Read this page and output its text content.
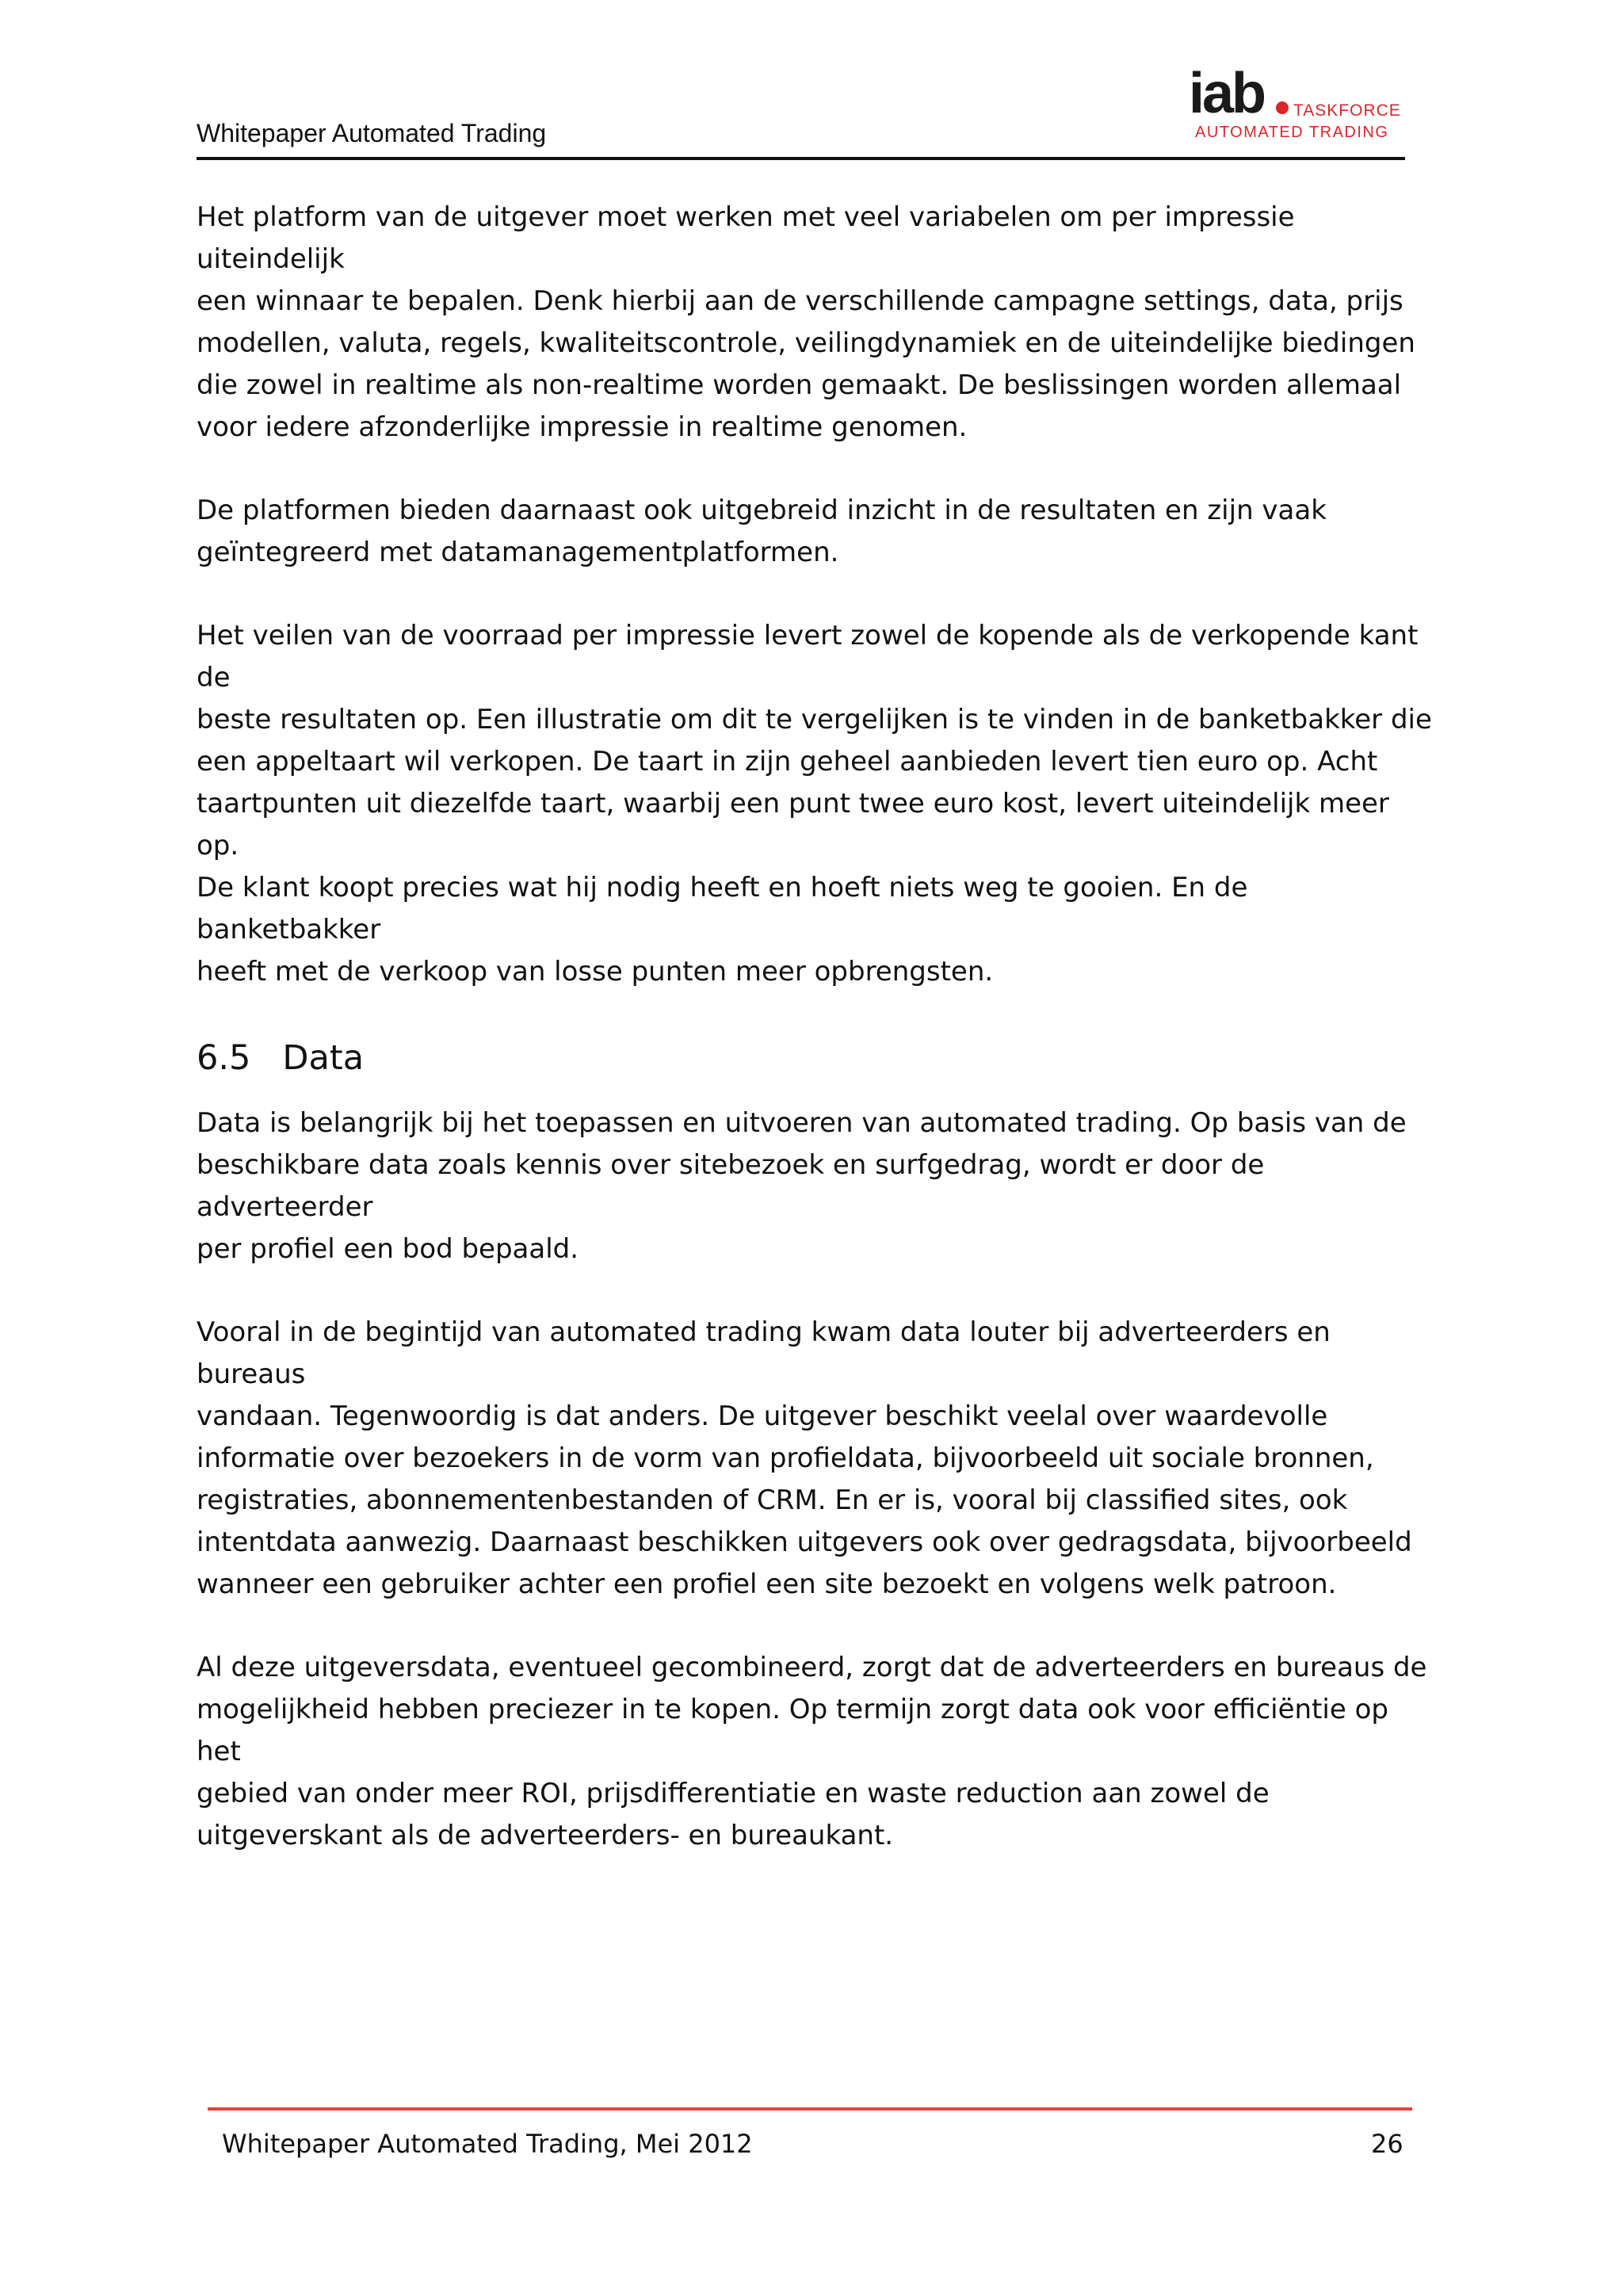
Whitepaper Automated Trading
iab TASKFORCE
AUTOMATED TRADING

Het platform van de uitgever moet werken met veel variabelen om per impressie uiteindelijk
een winnaar te bepalen. Denk hierbij aan de verschillende campagne settings, data, prijs
modellen, valuta, regels, kwaliteitscontrole, veilingdynamiek en de uiteindelijke biedingen
die zowel in realtime als non-realtime worden gemaakt. De beslissingen worden allemaal
voor iedere afzonderlijke impressie in realtime genomen.

De platformen bieden daarnaast ook uitgebreid inzicht in de resultaten en zijn vaak
geïntegreerd met datamanagementplatformen.

Het veilen van de voorraad per impressie levert zowel de kopende als de verkopende kant de
beste resultaten op. Een illustratie om dit te vergelijken is te vinden in de banketbakker die
een appeltaart wil verkopen. De taart in zijn geheel aanbieden levert tien euro op. Acht
taartpunten uit diezelfde taart, waarbij een punt twee euro kost, levert uiteindelijk meer op.
De klant koopt precies wat hij nodig heeft en hoeft niets weg te gooien. En de banketbakker
heeft met de verkoop van losse punten meer opbrengsten.

6.5 Data

Data is belangrijk bij het toepassen en uitvoeren van automated trading. Op basis van de
beschikbare data zoals kennis over sitebezoek en surfgedrag, wordt er door de adverteerder
per profiel een bod bepaald.

Vooral in de begintijd van automated trading kwam data louter bij adverteerders en bureaus
vandaan. Tegenwoordig is dat anders. De uitgever beschikt veelal over waardevolle
informatie over bezoekers in de vorm van profieldata, bijvoorbeeld uit sociale bronnen,
registraties, abonnementenbestanden of CRM. En er is, vooral bij classified sites, ook
intentdata aanwezig. Daarnaast beschikken uitgevers ook over gedragsdata, bijvoorbeeld
wanneer een gebruiker achter een profiel een site bezoekt en volgens welk patroon.

Al deze uitgeversdata, eventueel gecombineerd, zorgt dat de adverteerders en bureaus de
mogelijkheid hebben preciezer in te kopen. Op termijn zorgt data ook voor efficiëntie op het
gebied van onder meer ROI, prijsdifferentiatie en waste reduction aan zowel de
uitgeverskant als de adverteerders- en bureaukant.

Whitepaper Automated Trading, Mei 2012	26
